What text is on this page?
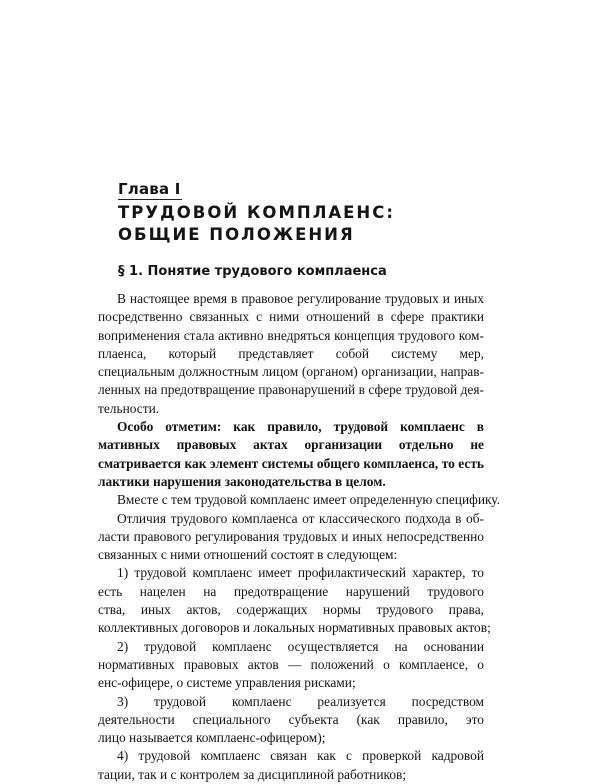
Глава I
ТРУДОВОЙ КОМПЛАЕНС:
ОБЩИЕ ПОЛОЖЕНИЯ
§ 1. Понятие трудового комплаенса
В настоящее время в правовое регулирование трудовых и иных
посредственно связанных с ними отношений в сфере практики
воприменения стала активно внедряться концепция трудового ком-
плаенса, который представляет собой систему мер,
специальным должностным лицом (органом) организации, направ-
ленных на предотвращение правонарушений в сфере трудовой дея-
тельности.
Особо отметим: как правило, трудовой комплаенс в
мативных правовых актах организации отдельно не
сматривается как элемент системы общего комплаенса, то есть
лактики нарушения законодательства в целом.
Вместе с тем трудовой комплаенс имеет определенную специфику.
Отличия трудового комплаенса от классического подхода в об-
ласти правового регулирования трудовых и иных непосредственно
связанных с ними отношений состоят в следующем:
1) трудовой комплаенс имеет профилактический характер, то
есть нацелен на предотвращение нарушений трудового
ства, иных актов, содержащих нормы трудового права,
коллективных договоров и локальных нормативных правовых актов;
2) трудовой комплаенс осуществляется на основании
нормативных правовых актов — положений о комплаенсе, о
енс-офицере, о системе управления рисками;
3) трудовой комплаенс реализуется посредством
деятельности специального субъекта (как правило, это
лицо называется комплаенс-офицером);
4) трудовой комплаенс связан как с проверкой кадровой
тации, так и с контролем за дисциплиной работников;
